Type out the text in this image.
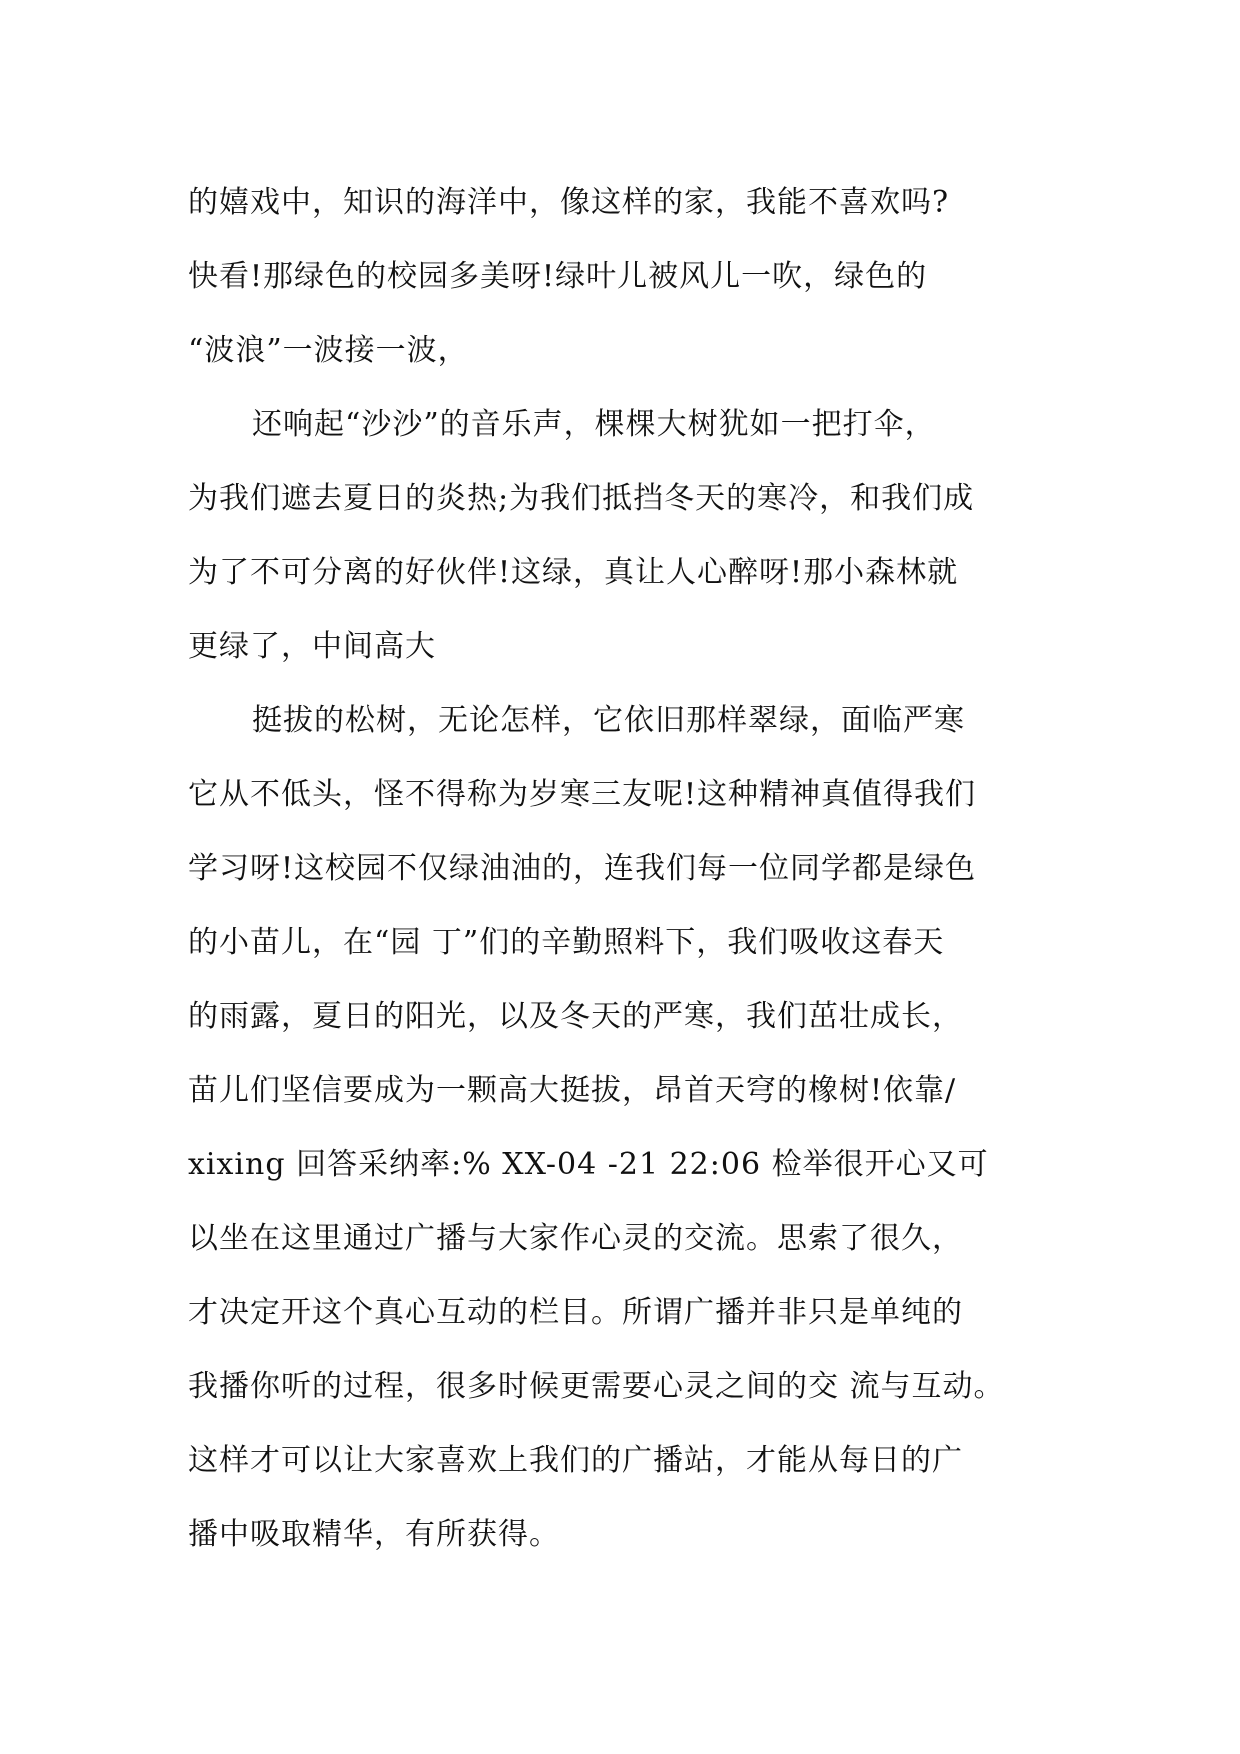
的嬉戏中，知识的海洋中，像这样的家，我能不喜欢吗?
快看!那绿色的校园多美呀!绿叶儿被风儿一吹，绿色的
“波浪”一波接一波，
还响起“沙沙”的音乐声，棵棵大树犹如一把打伞，
为我们遮去夏日的炎热;为我们抵挡冬天的寒冷，和我们成
为了不可分离的好伙伴!这绿，真让人心醉呀!那小森林就
更绿了，中间高大
挺拔的松树，无论怎样，它依旧那样翠绿，面临严寒
它从不低头，怪不得称为岁寒三友呢!这种精神真值得我们
学习呀!这校园不仅绿油油的，连我们每一位同学都是绿色
的小苗儿，在“园 丁”们的辛勤照料下，我们吸收这春天
的雨露，夏日的阳光，以及冬天的严寒，我们茁壮成长，
苗儿们坚信要成为一颗高大挺拔，昂首天穹的橡树!依靠/
xixing 回答采纳率:% XX-04 -21 22:06 检举很开心又可
以坐在这里通过广播与大家作心灵的交流。思索了很久，
才决定开这个真心互动的栏目。所谓广播并非只是单纯的
我播你听的过程，很多时候更需要心灵之间的交 流与互动。
这样才可以让大家喜欢上我们的广播站，才能从每日的广
播中吸取精华，有所获得。
